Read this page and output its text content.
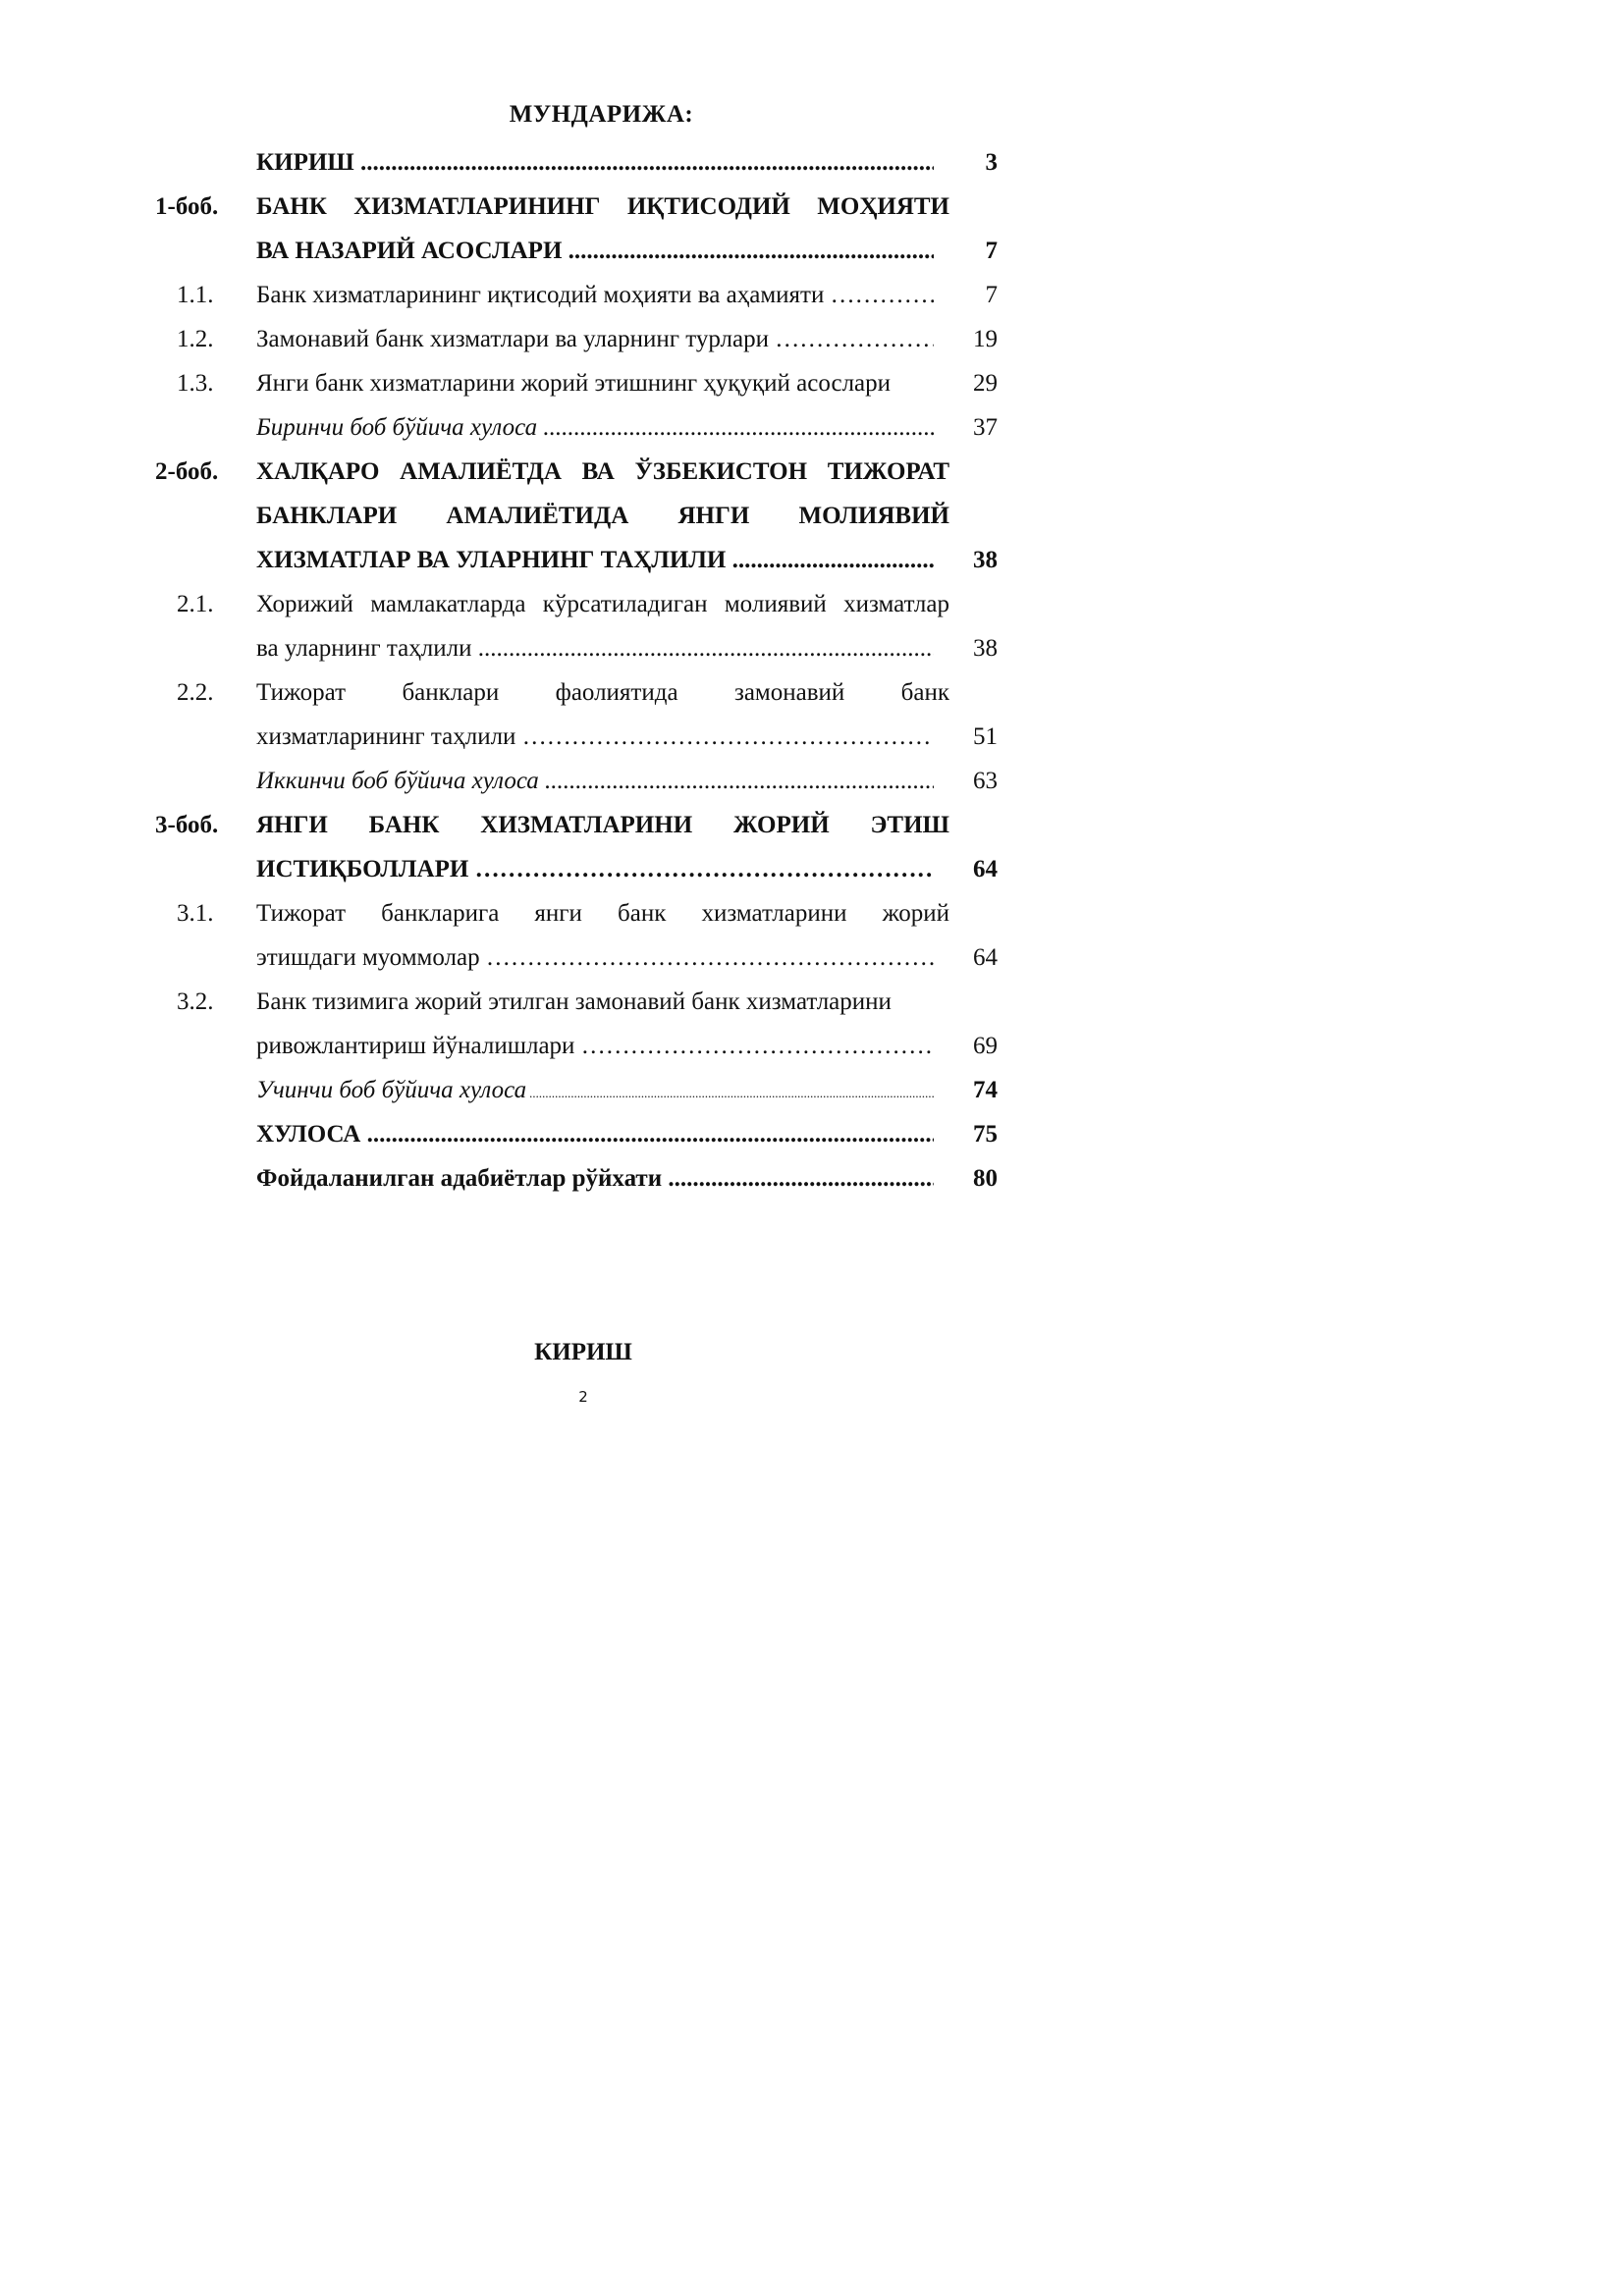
МУНДАРИЖА:
КИРИШ .....	3
1-боб. БАНК ХИЗМАТЛАРИНИНГ ИҚТИСОДИЙ МОҲИЯТИ
ВА НАЗАРИЙ АСОСЛАРИ .....	7
1.1. Банк хизматларининг иқтисодий моҳияти ва аҳамияти …………………………………………………………………………………………………………………	7
1.2. Замонавий банк хизматлари ва уларнинг турлари …………………………………………………………………………………………………………………	19
1.3. Янги банк хизматларини жорий этишнинг ҳуқуқий асослари	29
Биринчи боб бўйича хулоса .....	37
2-боб. ХАЛҚАРО АМАЛИЁТДА ВА ЎЗБЕКИСТОН ТИЖОРАТ
БАНКЛАРИ АМАЛИЁТИДА ЯНГИ МОЛИЯВИЙ
ХИЗМАТЛАР ВА УЛАРНИНГ ТАҲЛИЛИ .....	38
2.1. Хорижий мамлакатларда кўрсатиладиган молиявий хизматлар
ва уларнинг таҳлили .....	38
2.2. Тижорат банклари фаолиятида замонавий банк
хизматларининг таҳлили …………………………………………………………………………………………………………………	51
Иккинчи боб бўйича хулоса .....	63
3-боб. ЯНГИ БАНК ХИЗМАТЛАРИНИ ЖОРИЙ ЭТИШ
ИСТИҚБОЛЛАРИ …………………………………………………………………………………………………………………	64
3.1. Тижорат банкларига янги банк хизматларини жорий
этишдаги муоммолар …………………………………………………………………………………………………………………	64
3.2. Банк тизимига жорий этилган замонавий банк хизматларини
ривожлантириш йўналишлари …………………………………………………………………………………………………………………	69
Учинчи боб бўйича хулоса .....	74
ХУЛОСА .....	75
Фойдаланилган адабиётлар рўйхати .....	80
КИРИШ
2
